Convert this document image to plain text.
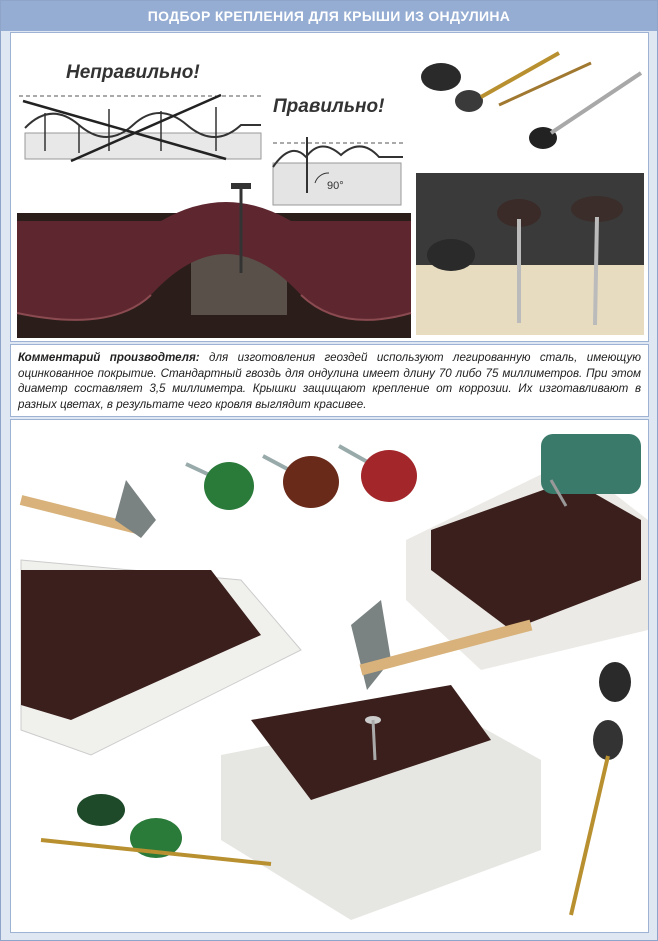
ПОДБОР КРЕПЛЕНИЯ ДЛЯ КРЫШИ ИЗ ОНДУЛИНА
Неправильно!
Правильно!
90°
Комментарий производтеля: для изготовления геоздей используют легированную сталь, имеющую оцинкованное покрытие. Стандартный гвоздь для ондулина имеет длину 70 либо 75 миллиметров. При этом диаметр составляет 3,5 миллиметра. Крышки защищают крепление от коррозии. Их изготавливают в разных цветах, в результате чего кровля выглядит красивее.
